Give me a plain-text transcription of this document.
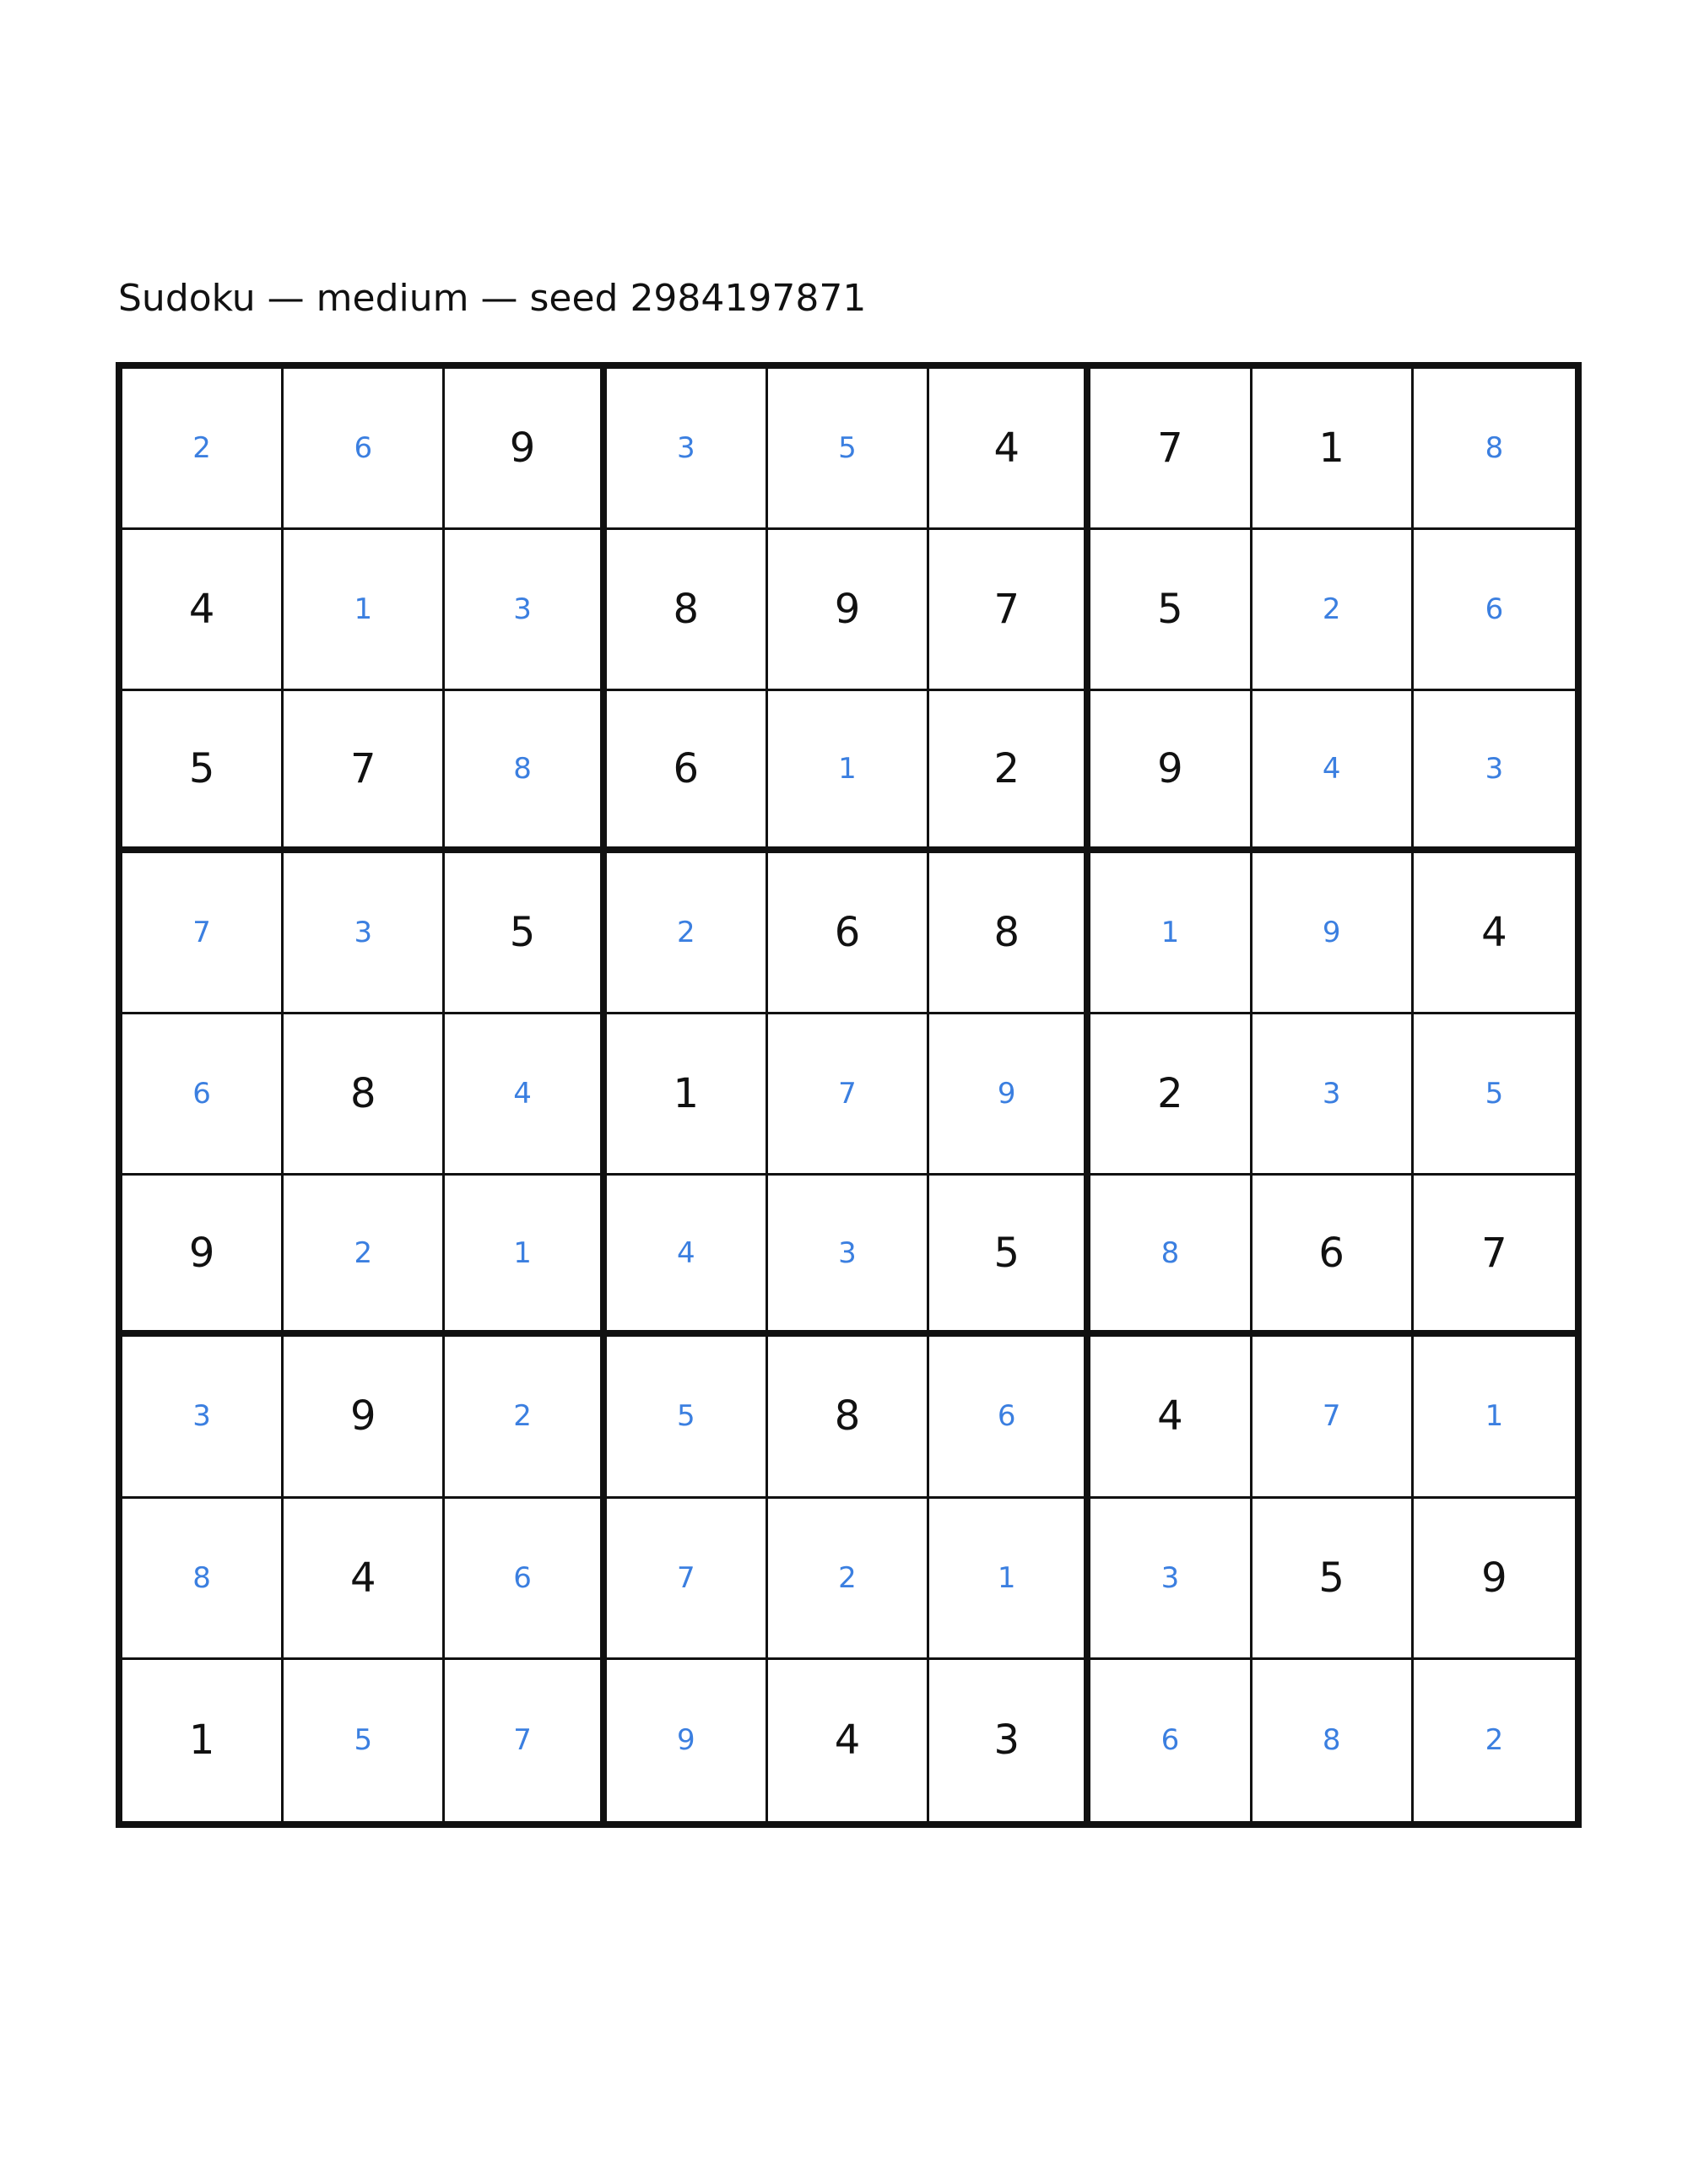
Sudoku — medium — seed 2984197871
2	6	9	3	5	4	7	1	8
4	1	3	8	9	7	5	2	6
5	7	8	6	1	2	9	4	3
7	3	5	2	6	8	1	9	4
6	8	4	1	7	9	2	3	5
9	2	1	4	3	5	8	6	7
3	9	2	5	8	6	4	7	1
8	4	6	7	2	1	3	5	9
1	5	7	9	4	3	6	8	2
